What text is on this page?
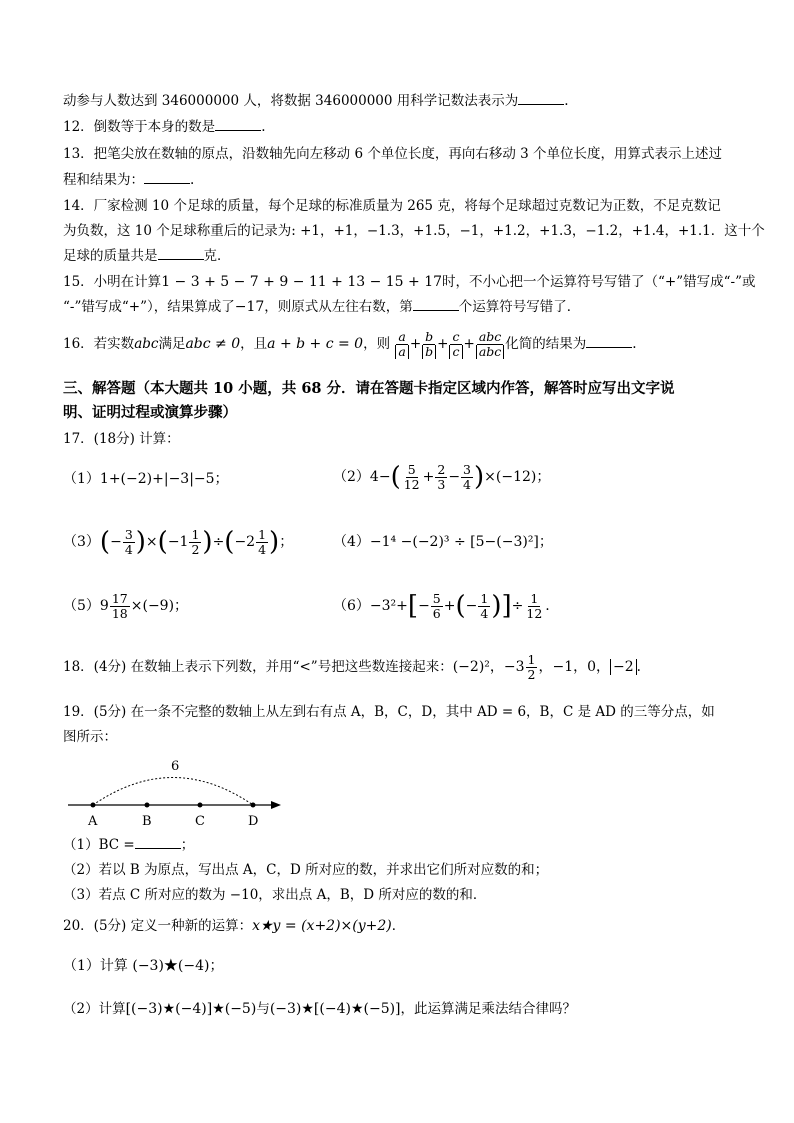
动参与人数达到 346000000 人，将数据 346000000 用科学记数法表示为	.
12．倒数等于本身的数是	.
13．把笔尖放在数轴的原点，沿数轴先向左移动 6 个单位长度，再向右移动 3 个单位长度，用算式表示上述过
程和结果为：	.
14．厂家检测 10 个足球的质量，每个足球的标准质量为 265 克，将每个足球超过克数记为正数，不足克数记
为负数，这 10 个足球称重后的记录为: +1，+1，−1.3，+1.5，−1，+1.2，+1.3，−1.2，+1.4，+1.1．这十个
足球的质量共是	克．
15．小明在计算1 − 3 + 5 − 7 + 9 − 11 + 13 − 15 + 17时，不小心把一个运算符号写错了（“+”错写成“-”或
“-”错写成“+”），结果算成了−17，则原式从左往右数，第	个运算符号写错了．
16．若实数abc满足abc ≠ 0，且a + b + c = 0，则 $\frac{a}{a} + \frac{b}{b} + \frac{c}{c} + \frac{\text{abc}}{\text{abc}}$ 化简的结果为	.
三、解答题（本大题共 10 小题，共 68 分．请在答题卡指定区域内作答，解答时应写出文字说
明、证明过程或演算步骤）
17．(18分) 计算：
（1）1+(−2)+|−3|−5；	$(2)4-( \frac{5}{12} + \frac{2}{3} - \frac{3}{4} )\times(-12)$；
$(3)(- \frac{3}{4} )\times(-1 \frac{1}{2} )\div(-2 \frac{1}{4}$ )；	（4）−1⁴ −(−2)³ ÷ [5−(−3)²]；
$(5)9 \frac{17}{18} \times(-9)$；	$(6)-3^2+[- \frac{5}{6}$ +(− $\frac{1}{4}$ )]÷ $\frac{1}{12}$ .
18．(4分) 在数轴上表示下列数，并用“<”号把这些数连接起来：(−2)²，$-3 \frac{1}{2}$ ，−1，0， −2 .
19．(5分) 在一条不完整的数轴上从左到右有点 A，B，C，D，其中 AD = 6，B，C 是 AD 的三等分点，如
图所示：
6
A	B	C	D
（1）BC =	；
（2）若以 B 为原点，写出点 A，C，D 所对应的数，并求出它们所对应数的和；
（3）若点 C 所对应的数为 −10，求出点 A，B，D 所对应的数的和．
20．(5分) 定义一种新的运算：x★y = (x+2)×(y+2)．
（1）计算 (−3)★(−4)；
（2）计算[(−3)★(−4)]★(−5)与(−3)★[(−4)★(−5)]，此运算满足乘法结合律吗？
